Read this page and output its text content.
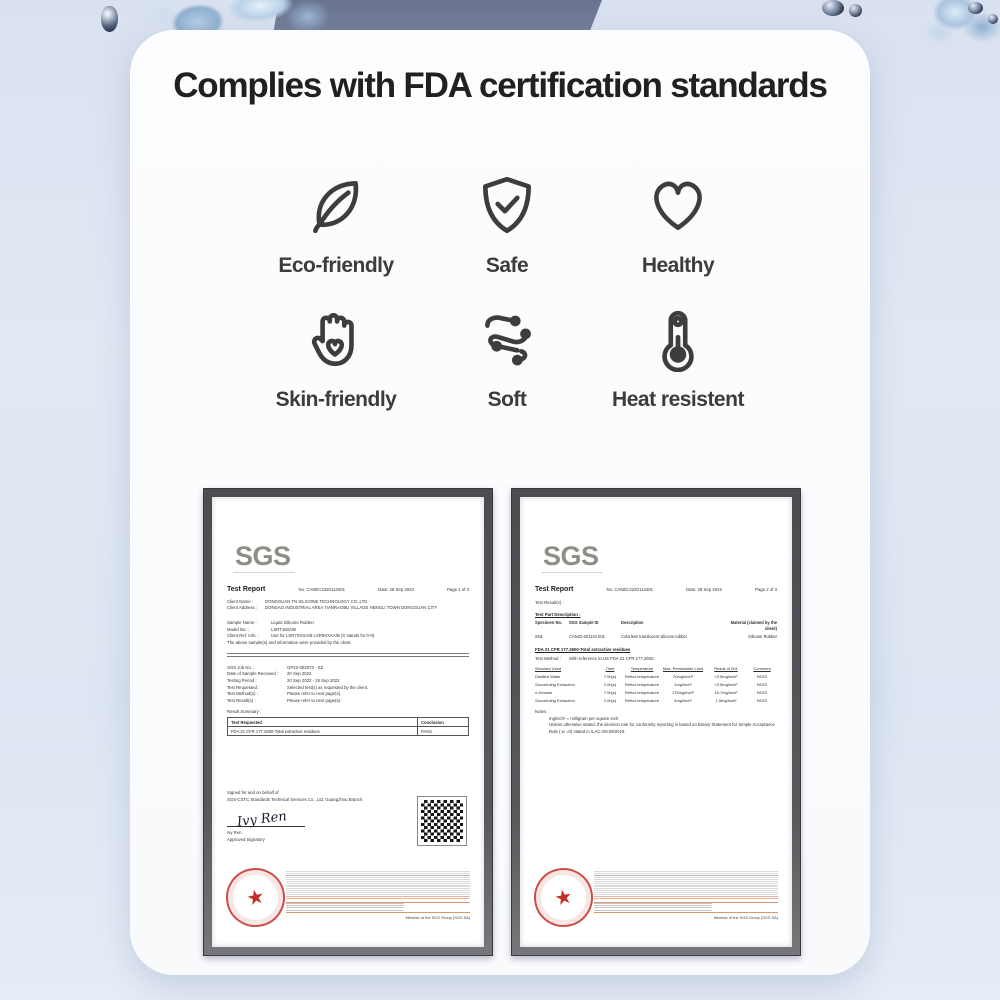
Complies with FDA certification standards
Eco-friendly	Safe	Healthy
Skin-friendly	Soft	Heat resistent
SGS
Test Report	No. CANEC2220113401	Date: 28 Sep 2022	Page 1 of 3
Client Name :	DONGGUAN TN SILICONE TECHNOLOGY CO.,LTD
Client Address :	DONGAO INDUSTRIAL AREA TIANRAOBU VILLAGE HENGLI TOWN DONGGUAN CITY
Sample Name :	Liquid Silicone Rubber
Model No. :	LSRT160A/B
Client Ref. Info. :	Use for LSR7XXXA/B LSR9XXXA/B (X stands for 0-9).
The above sample(s) and information were provided by the client.
SGS Job No. :	GP22-052073 - SZ
Date of Sample Received :	20 Sep 2022
Testing Period :	20 Sep 2022 - 26 Sep 2022
Test Requested :	Selected test(s) as requested by the client.
Test Method(s) :	Please refer to next page(s).
Test Result(s) :	Please refer to next page(s).
Result Summary :
Test Requested	Conclusion
FDA 21 CFR 177.2600-Total extractive residues	PASS
Signed for and on behalf of
SGS-CSTC Standards Technical Services Co., Ltd. Guangzhou Branch
Ivy Ren
Ivy Ren
Approved Signatory
★
Member of the SGS Group (SGS SA)
SGS
Test Report	No. CANEC2220113401	Date: 28 Sep 2022	Page 2 of 3
Test Result(s) :
Test Part Description :
Specimen No.	SGS Sample ID	Description	Material (claimed by the client)
SN1	CAN22-201134.001	Colorless translucent silicone rubber	Silicone Rubber
FDA 21 CFR 177.2600-Total extractive residues
Test Method :	With reference to US FDA 21 CFR 177.2600.
Simulant Used	Time	Temperature	Max. Permissible Limit	Result of 001	Comment
Distilled Water	7.0h(s)	Reflux temperature	20mg/inch²	<0.5mg/inch²	PASS
Succeeding Extraction	2.0h(s)	Reflux temperature	1mg/inch²	<0.5mg/inch²	PASS
n-Hexane	7.0h(s)	Reflux temperature	175mg/inch²	16.7mg/inch²	PASS
Succeeding Extraction	2.0h(s)	Reflux temperature	4mg/inch²	1.5mg/inch²	PASS
Notes :
mg/inch² = milligram per square inch
Unless otherwise stated, the decision rule for conformity reporting is based on Binary Statement for Simple Acceptance Rule ( w =0) stated in ILAC-G8:09/2019
★
Member of the SGS Group (SGS SA)
